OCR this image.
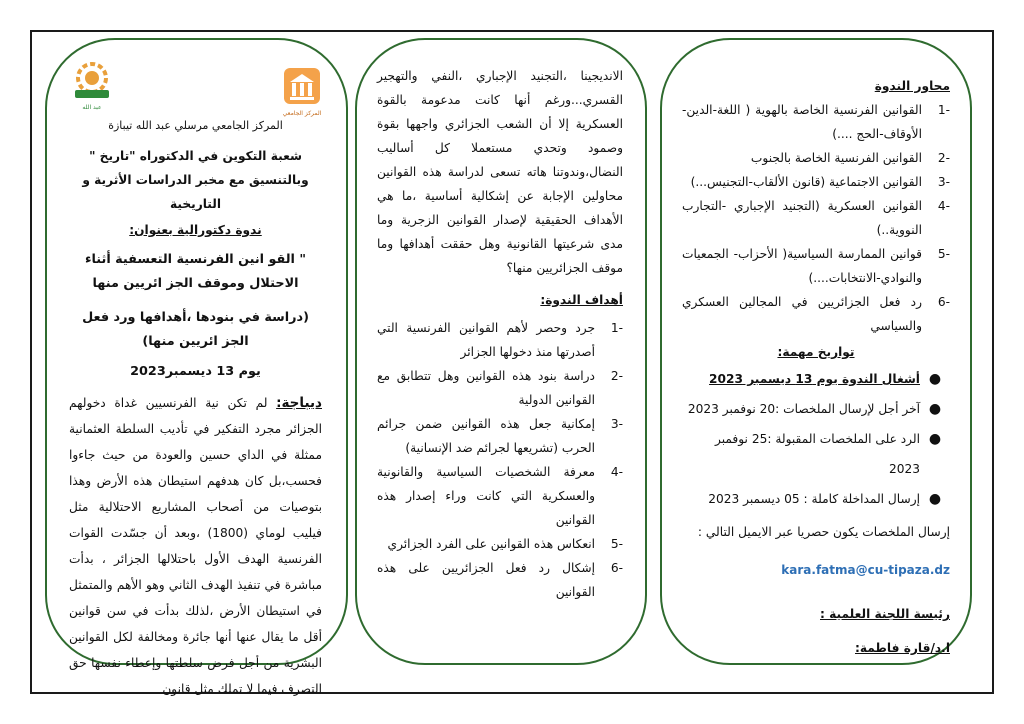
محاور الندوة

-1
القوانين الفرنسية الخاصة بالهوية ( اللغة-الدين-الأوقاف-الحج ....)
-2
القوانين الفرنسية الخاصة بالجنوب
-3
القوانين الاجتماعية (قانون الألقاب-التجنيس...)
-4
القوانين العسكرية (التجنيد الإجباري -التجارب النووية..)
-5
قوانين الممارسة السياسية( الأحزاب- الجمعيات والنوادي-الانتخابات....)
-6
رد فعل الجزائريين في المجالين العسكري والسياسي

تواريخ مهمة:

●
أشغال الندوة يوم 13 ديسمبر 2023
●
آخر أجل لإرسال الملخصات :20 نوفمبر 2023
●
الرد على الملخصات المقبولة :25 نوفمبر 2023
●
إرسال المداخلة كاملة : 05 ديسمبر 2023

إرسال الملخصات يكون حصريا عبر الايميل التالي :

kara.fatma@cu-tipaza.dz

رئيسة اللجنة العلمية :

ا.د/قارة فاطمة:

الانديجينا ،التجنيد الإجباري ،النفي والتهجير القسري...ورغم أنها كانت مدعومة بالقوة العسكرية إلا أن الشعب الجزائري واجهها بقوة وصمود وتحدي مستعملا كل أساليب النضال،وندوتنا هاته تسعى لدراسة هذه القوانين محاولين الإجابة عن إشكالية أساسية ،ما هي الأهداف الحقيقية لإصدار القوانين الزجرية وما مدى شرعيتها القانونية وهل حققت أهدافها وما موقف الجزائريين منها؟

أهداف الندوة:

-1
جرد وحصر لأهم القوانين الفرنسية التي أصدرتها منذ دخولها الجزائر
-2
دراسة بنود هذه القوانين وهل تتطابق مع القوانين الدولية
-3
إمكانية جعل هذه القوانين ضمن جرائم الحرب (تشريعها لجرائم ضد الإنسانية)
-4
معرفة الشخصيات السياسية والقانونية والعسكرية التي كانت وراء إصدار هذه القوانين
-5
انعكاس هذه القوانين على الفرد الجزائري
-6
إشكال رد فعل الجزائريين على هذه القوانين
المركز الجامعي
عبد الله

المركز الجامعي مرسلي عبد الله تيبازة

شعبة التكوين في الدكتوراه "تاريخ " وبالتنسيق مع مخبر الدراسات الأثرية و التاريخية

ندوة دكتورالية بعنوان:

" القو انين الفرنسية التعسفية أثناء الاحتلال وموقف الجز ائريين منها

(دراسة في بنودها ،أهدافها ورد فعل الجز ائريين منها)

يوم 13 ديسمبر2023

ديباجة: لم تكن نية الفرنسيين غداة دخولهم الجزائر مجرد التفكير في تأديب السلطة العثمانية ممثلة في الداي حسين والعودة من حيث جاءوا فحسب،بل كان هدفهم استيطان هذه الأرض وهذا بتوصيات من أصحاب المشاريع الاحتلالية مثل فيليب لوماي (1800) ،وبعد أن جسّدت القوات الفرنسية الهدف الأول باحتلالها الجزائر ، بدأت مباشرة في تنفيذ الهدف الثاني وهو الأهم والمتمثل في استيطان الأرض ،لذلك بدأت في سن قوانين أقل ما يقال عنها أنها جائرة ومخالفة لكل القوانين البشرية من أجل فرض سلطتها وإعطاء نفسها حق التصرف فيما لا تملك مثل قانون
